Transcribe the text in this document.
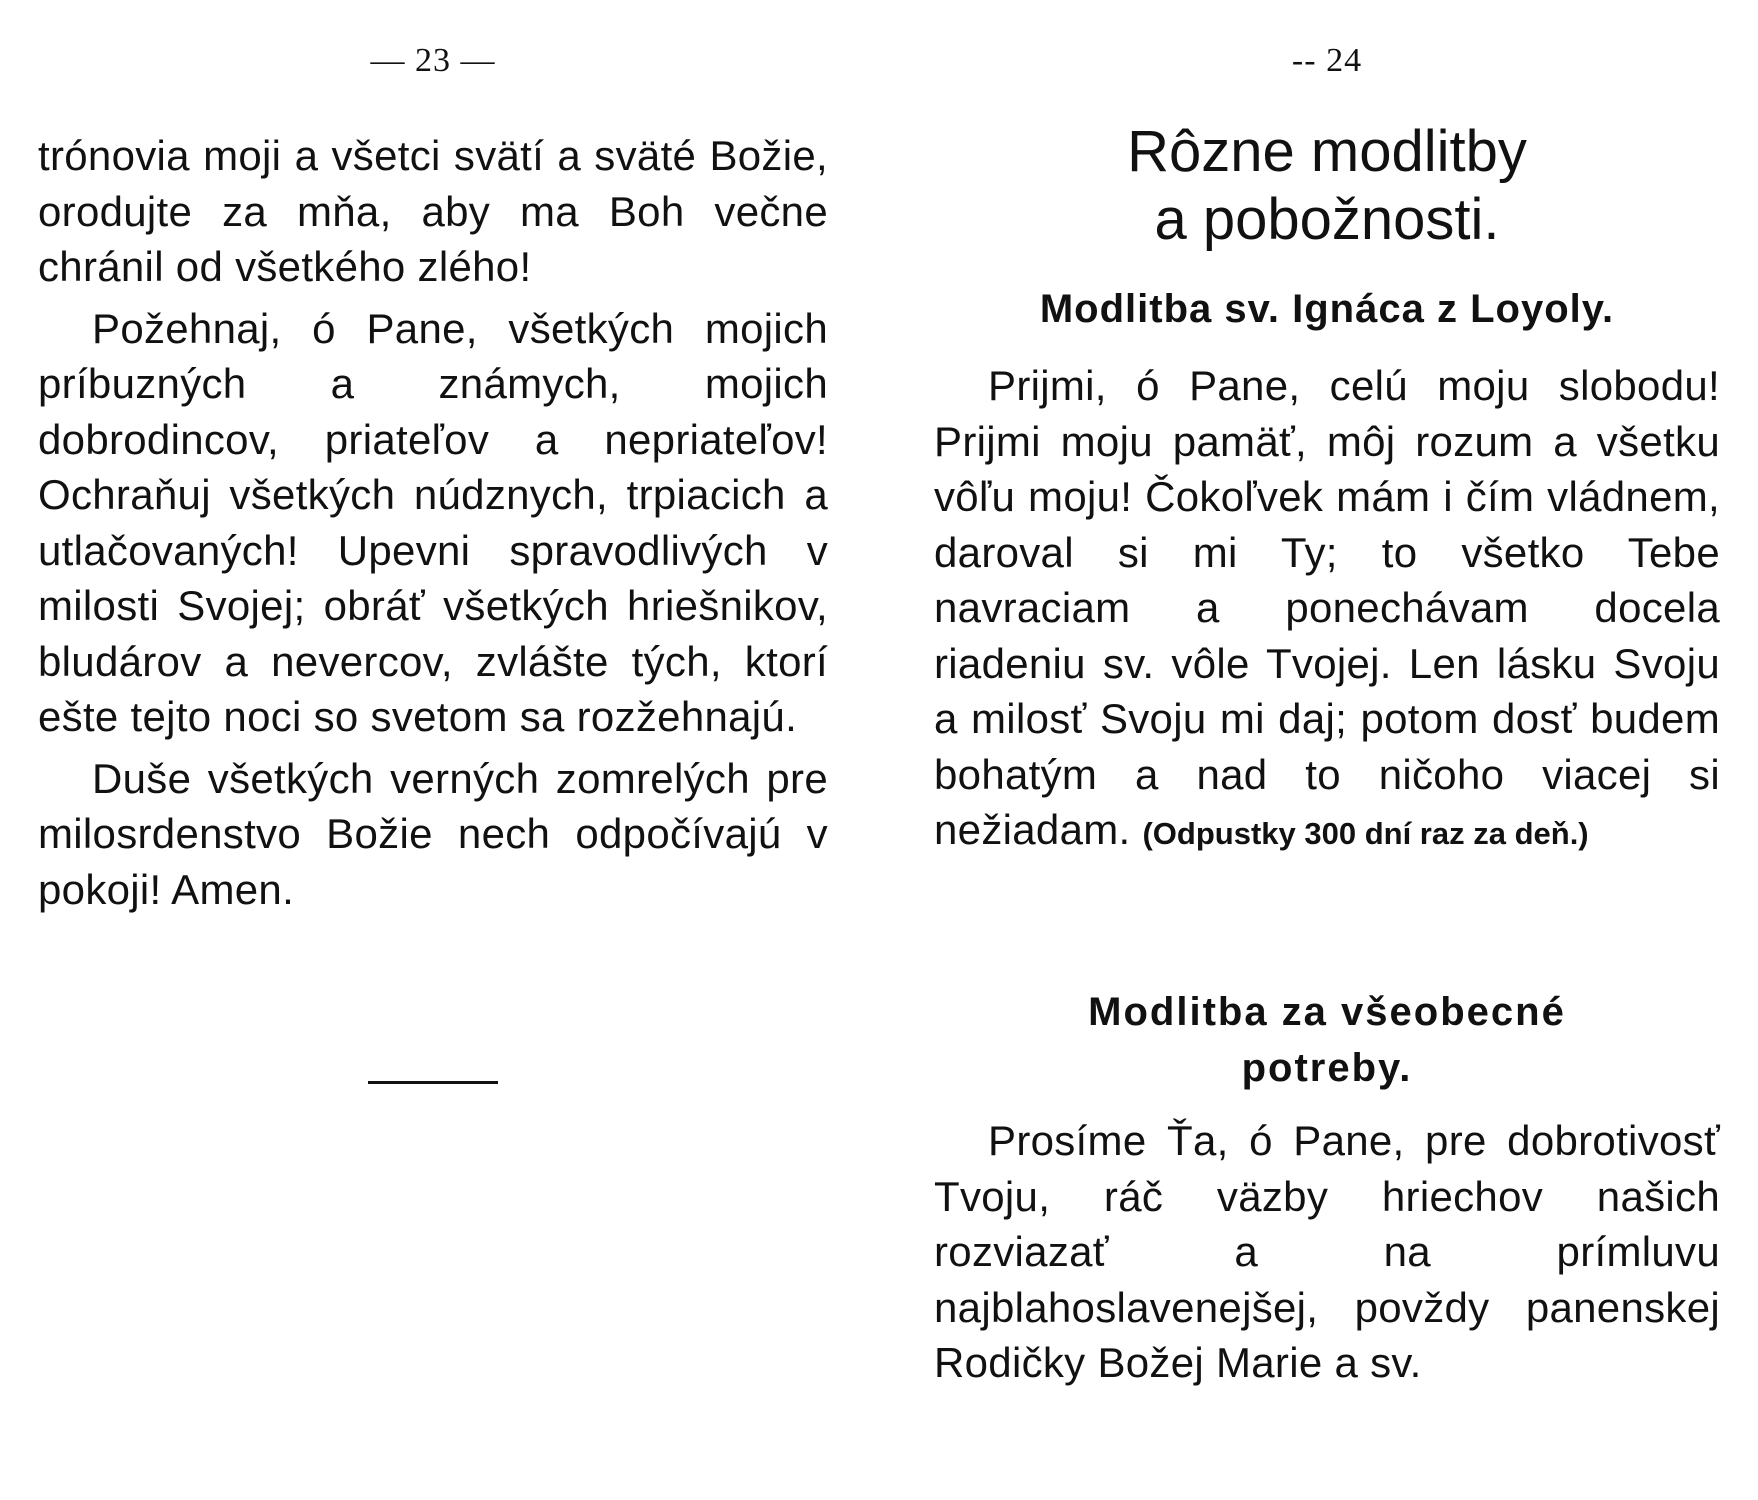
— 23 —

trónovia moji a všetci svätí a sväté Božie, orodujte za mňa, aby ma Boh večne chránil od všetkého zlého!

Požehnaj, ó Pane, všetkých mojich príbuzných a známych, mojich dobrodincov, priateľov a nepriateľov! Ochraňuj všetkých núdznych, trpiacich a utlačovaných! Upevni spravodlivých v milosti Svojej; obráť všetkých hriešnikov, bludárov a nevercov, zvlášte tých, ktorí ešte tejto noci so svetom sa rozžehnajú.

Duše všetkých verných zomrelých pre milosrdenstvo Božie nech odpočívajú v pokoji! Amen.

-- 24
Rôzne modlitby
a pobožnosti.
Modlitba sv. Ignáca z Loyoly.

Prijmi, ó Pane, celú moju slobodu! Prijmi moju pamäť, môj rozum a všetku vôľu moju! Čokoľvek mám i čím vládnem, daroval si mi Ty; to všetko Tebe navraciam a ponechávam docela riadeniu sv. vôle Tvojej. Len lásku Svoju a milosť Svoju mi daj; potom dosť budem bohatým a nad to ničoho viacej si nežiadam. (Odpustky 300 dní raz za deň.)

Modlitba za všeobecné
potreby.

Prosíme Ťa, ó Pane, pre dobrotivosť Tvoju, ráč väzby hriechov našich rozviazať a na prímluvu najblahoslavenejšej, povždy panenskej Rodičky Božej Marie a sv.
